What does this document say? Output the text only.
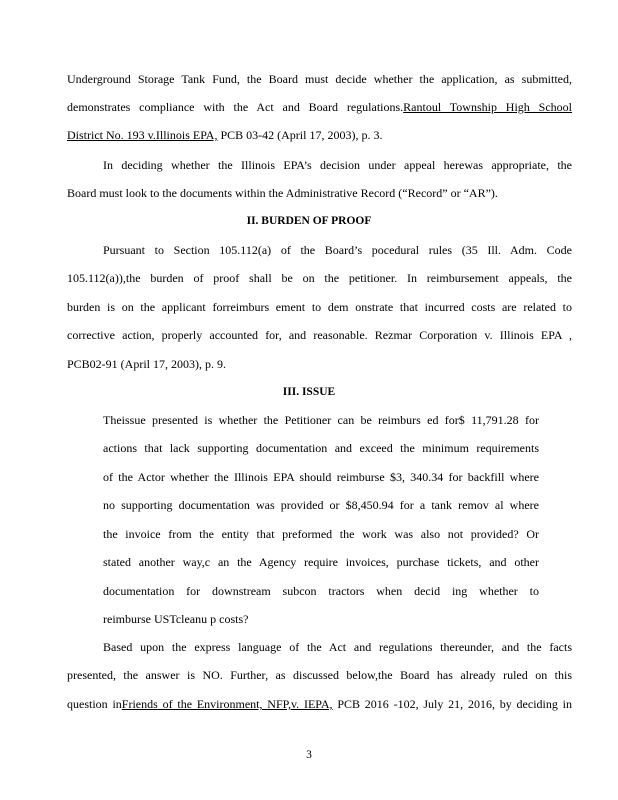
Underground Storage Tank Fund, the Board must decide whether the application, as submitted,
demonstrates compliance with the Act and Board regulations.Rantoul Township High School
District No. 193 v.Illinois EPA, PCB 03-42 (April 17, 2003), p. 3.
In deciding whether the Illinois EPA’s decision under appeal herewas appropriate, the
Board must look to the documents within the Administrative Record (“Record” or “AR”).
II. BURDEN OF PROOF
Pursuant to Section 105.112(a) of the Board’s pocedural rules (35 Ill. Adm. Code
105.112(a)),the burden of proof shall be on the petitioner. In reimbursement appeals, the
burden is on the applicant forreimburs ement to dem onstrate that incurred costs are related to
corrective action, properly accounted for, and reasonable. Rezmar Corporation v. Illinois EPA ,
PCB02-91 (April 17, 2003), p. 9.
III. ISSUE
Theissue presented is whether the Petitioner can be reimburs ed for$ 11,791.28 for
actions that lack supporting documentation and exceed the minimum requirements
of the Actor whether the Illinois EPA should reimburse $3, 340.34 for backfill where
no supporting documentation was provided or $8,450.94 for a tank remov al where
the invoice from the entity that preformed the work was also not provided? Or
stated another way,c an the Agency require invoices, purchase tickets, and other
documentation for downstream subcon tractors when decid ing whether to
reimburse USTcleanu p costs?
Based upon the express language of the Act and regulations thereunder, and the facts
presented, the answer is NO. Further, as discussed below,the Board has already ruled on this
question inFriends of the Environment, NFP,v. IEPA, PCB 2016 -102, July 21, 2016, by deciding in
3
